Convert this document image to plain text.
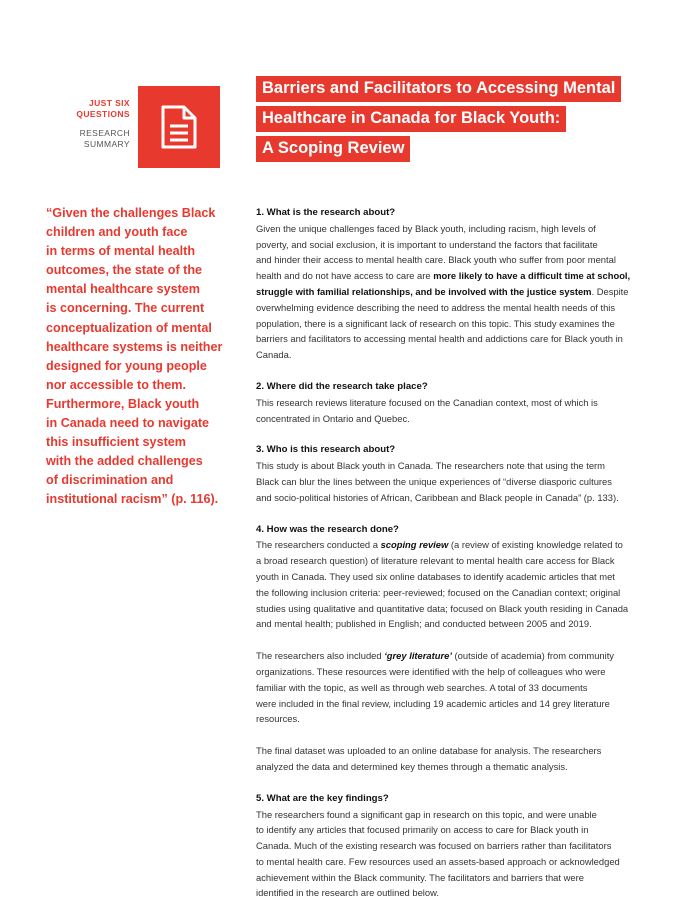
JUST SIX
QUESTIONS
RESEARCH
SUMMARY
Barriers and Facilitators to Accessing Mental
Healthcare in Canada for Black Youth:
A Scoping Review
“Given the challenges Black
children and youth face
in terms of mental health
outcomes, the state of the
mental healthcare system
is concerning. The current
conceptualization of mental
healthcare systems is neither
designed for young people
nor accessible to them.
Furthermore, Black youth
in Canada need to navigate
this insufficient system
with the added challenges
of discrimination and
institutional racism” (p. 116).
1. What is the research about?
Given the unique challenges faced by Black youth, including racism, high levels of
poverty, and social exclusion, it is important to understand the factors that facilitate
and hinder their access to mental health care. Black youth who suffer from poor mental
health and do not have access to care are more likely to have a difficult time at school,
struggle with familial relationships, and be involved with the justice system. Despite
overwhelming evidence describing the need to address the mental health needs of this
population, there is a significant lack of research on this topic. This study examines the
barriers and facilitators to accessing mental health and addictions care for Black youth in
Canada.
2. Where did the research take place?
This research reviews literature focused on the Canadian context, most of which is
concentrated in Ontario and Quebec.
3. Who is this research about?
This study is about Black youth in Canada. The researchers note that using the term
Black can blur the lines between the unique experiences of “diverse diasporic cultures
and socio-political histories of African, Caribbean and Black people in Canada” (p. 133).
4. How was the research done?
The researchers conducted a scoping review (a review of existing knowledge related to
a broad research question) of literature relevant to mental health care access for Black
youth in Canada. They used six online databases to identify academic articles that met
the following inclusion criteria: peer-reviewed; focused on the Canadian context; original
studies using qualitative and quantitative data; focused on Black youth residing in Canada
and mental health; published in English; and conducted between 2005 and 2019.
The researchers also included ‘grey literature’ (outside of academia) from community
organizations. These resources were identified with the help of colleagues who were
familiar with the topic, as well as through web searches. A total of 33 documents
were included in the final review, including 19 academic articles and 14 grey literature
resources.
The final dataset was uploaded to an online database for analysis. The researchers
analyzed the data and determined key themes through a thematic analysis.
5. What are the key findings?
The researchers found a significant gap in research on this topic, and were unable
to identify any articles that focused primarily on access to care for Black youth in
Canada. Much of the existing research was focused on barriers rather than facilitators
to mental health care. Few resources used an assets-based approach or acknowledged
achievement within the Black community. The facilitators and barriers that were
identified in the research are outlined below.
